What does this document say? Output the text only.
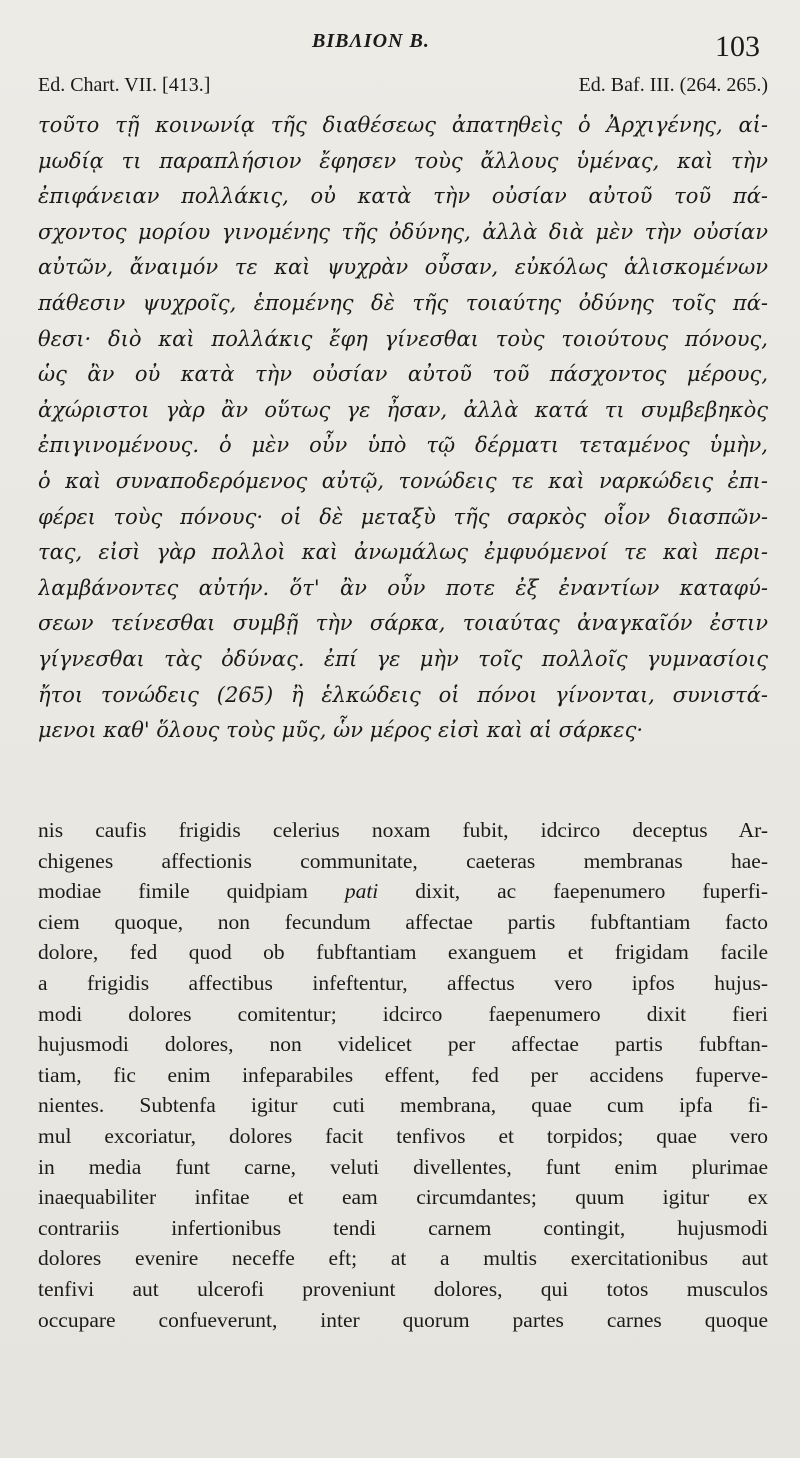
BIBΛΙΟΝ B.	103
Ed. Chart. VII. [413.]	Ed. Baf. III. (264. 265.)
τοῦτο τῇ κοινωνίᾳ τῆς διαθέσεως ἀπατηθεὶς ὁ Ἀρχιγένης, αἱ-
μωδίᾳ τι παραπλήσιον ἔφησεν τοὺς ἄλλους ὑμένας, καὶ τὴν
ἐπιφάνειαν πολλάκις, οὐ κατὰ τὴν οὐσίαν αὐτοῦ τοῦ πά-
σχοντος μορίου γινομένης τῆς ὀδύνης, ἀλλὰ διὰ μὲν τὴν οὐσίαν
αὐτῶν, ἄναιμόν τε καὶ ψυχρὰν οὖσαν, εὐκόλως ἁλισκομένων
πάθεσιν ψυχροῖς, ἑπομένης δὲ τῆς τοιαύτης ὀδύνης τοῖς πά-
θεσι· διὸ καὶ πολλάκις ἔφη γίνεσθαι τοὺς τοιούτους πόνους,
ὡς ἂν οὐ κατὰ τὴν οὐσίαν αὐτοῦ τοῦ πάσχοντος μέρους,
ἀχώριστοι γὰρ ἂν οὕτως γε ἦσαν, ἀλλὰ κατά τι συμβεβηκὸς
ἐπιγινομένους. ὁ μὲν οὖν ὑπὸ τῷ δέρματι τεταμένος ὑμὴν,
ὁ καὶ συναποδερόμενος αὐτῷ, τονώδεις τε καὶ ναρκώδεις ἐπι-
φέρει τοὺς πόνους· οἱ δὲ μεταξὺ τῆς σαρκὸς οἷον διασπῶν-
τας, εἰσὶ γὰρ πολλοὶ καὶ ἀνωμάλως ἐμφυόμενοί τε καὶ περι-
λαμβάνοντες αὐτήν. ὅτ' ἂν οὖν ποτε ἐξ ἐναντίων καταφύ-
σεων τείνεσθαι συμβῇ τὴν σάρκα, τοιαύτας ἀναγκαῖόν ἐστιν
γίγνεσθαι τὰς ὀδύνας. ἐπί γε μὴν τοῖς πολλοῖς γυμνασίοις
ἤτοι τονώδεις (265) ἢ ἑλκώδεις οἱ πόνοι γίνονται, συνιστά-
μενοι καθ' ὅλους τοὺς μῦς, ὧν μέρος εἰσὶ καὶ αἱ σάρκες·
nis caufis frigidis celerius noxam fubit, idcirco deceptus Ar-
chigenes affectionis communitate, caeteras membranas hae-
modiae fimile quidpiam pati dixit, ac faepenumero fuperfi-
ciem quoque, non fecundum affectae partis fubftantiam facto
dolore, fed quod ob fubftantiam exanguem et frigidam facile
a frigidis affectibus infeftentur, affectus vero ipfos hujus-
modi dolores comitentur; idcirco faepenumero dixit fieri
hujusmodi dolores, non videlicet per affectae partis fubftan-
tiam, fic enim infeparabiles effent, fed per accidens fuperve-
nientes. Subtenfa igitur cuti membrana, quae cum ipfa fi-
mul excoriatur, dolores facit tenfivos et torpidos; quae vero
in media funt carne, veluti divellentes, funt enim plurimae
inaequabiliter infitae et eam circumdantes; quum igitur ex
contrariis infertionibus tendi carnem contingit, hujusmodi
dolores evenire neceffe eft; at a multis exercitationibus aut
tenfivi aut ulcerofi proveniunt dolores, qui totos musculos
occupare confueverunt, inter quorum partes carnes quoque
